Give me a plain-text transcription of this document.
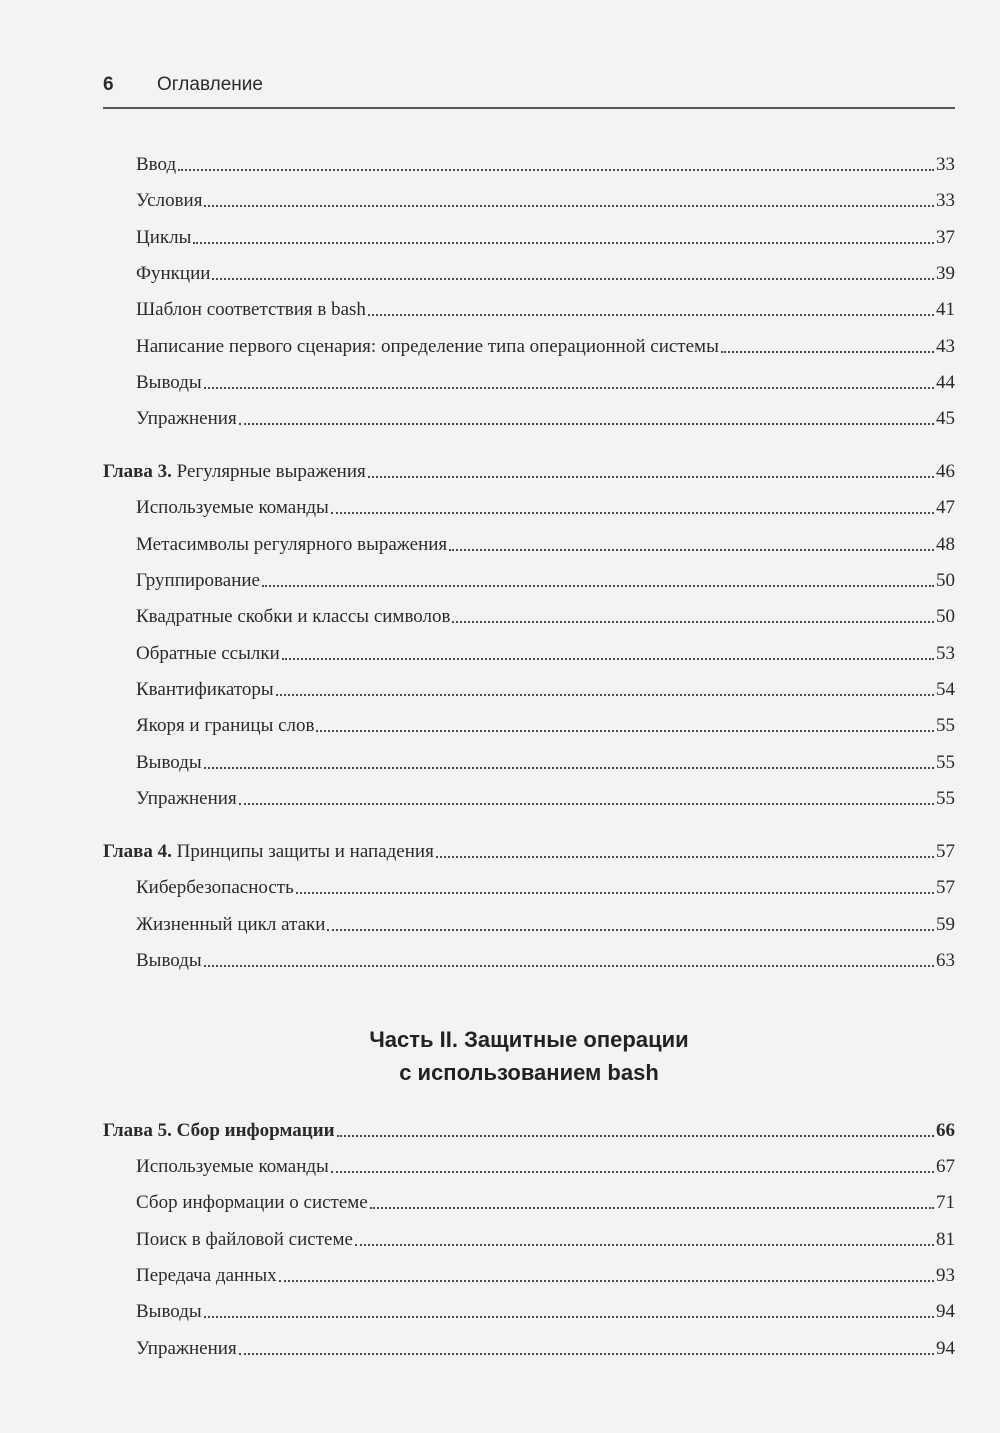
6 Оглавление
Ввод	33
Условия	33
Циклы	37
Функции	39
Шаблон соответствия в bash	41
Написание первого сценария: определение типа операционной системы	43
Выводы	44
Упражнения	45
Глава 3. Регулярные выражения	46
Используемые команды	47
Метасимволы регулярного выражения	48
Группирование	50
Квадратные скобки и классы символов	50
Обратные ссылки	53
Квантификаторы	54
Якоря и границы слов	55
Выводы	55
Упражнения	55
Глава 4. Принципы защиты и нападения	57
Кибербезопасность	57
Жизненный цикл атаки	59
Выводы	63
Часть II. Защитные операции
с использованием bash
Глава 5. Сбор информации	66
Используемые команды	67
Сбор информации о системе	71
Поиск в файловой системе	81
Передача данных	93
Выводы	94
Упражнения	94
